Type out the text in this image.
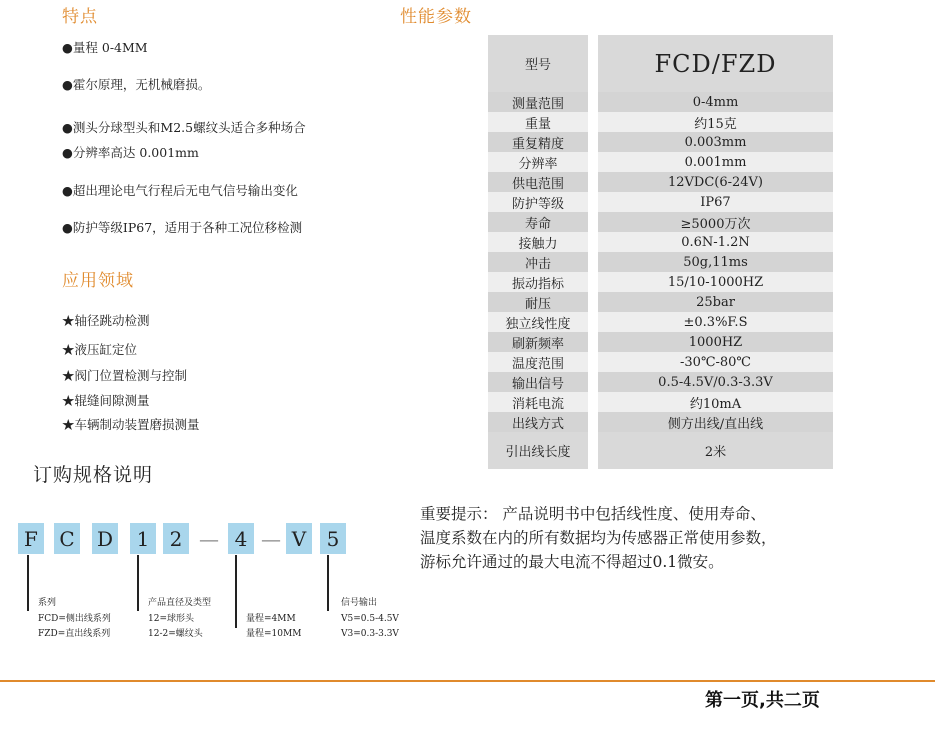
特点
●量程 0-4MM
●霍尔原理，无机械磨损。
●测头分球型头和M2.5螺纹头适合多种场合
●分辨率高达 0.001mm
●超出理论电气行程后无电气信号输出变化
●防护等级IP67，适用于各种工况位移检测
应用领域
★轴径跳动检测
★液压缸定位
★阀门位置检测与控制
★辊缝间隙测量
★车辆制动装置磨损测量
性能参数
型号	FCD/FZD
测量范围	0-4mm
重量	约15克
重复精度	0.003mm
分辨率	0.001mm
供电范围	12VDC(6-24V)
防护等级	IP67
寿命	≥5000万次
接触力	0.6N-1.2N
冲击	50g,11ms
振动指标	15/10-1000HZ
耐压	25bar
独立线性度	±0.3%F.S
刷新频率	1000HZ
温度范围	-30℃-80℃
输出信号	0.5-4.5V/0.3-3.3V
消耗电流	约10mA
出线方式	侧方出线/直出线
引出线长度	2米
订购规格说明
F	C D	1	2 — 4 — V	5
系列
FCD=侧出线系列
FZD=直出线系列
产品直径及类型
12=球形头
12-2=螺纹头
量程=4MM
量程=10MM
信号输出
V5=0.5-4.5V
V3=0.3-3.3V
重要提示： 产品说明书中包括线性度、使用寿命、
温度系数在内的所有数据均为传感器正常使用参数，
游标允许通过的最大电流不得超过0.1微安。
第一页,共二页
